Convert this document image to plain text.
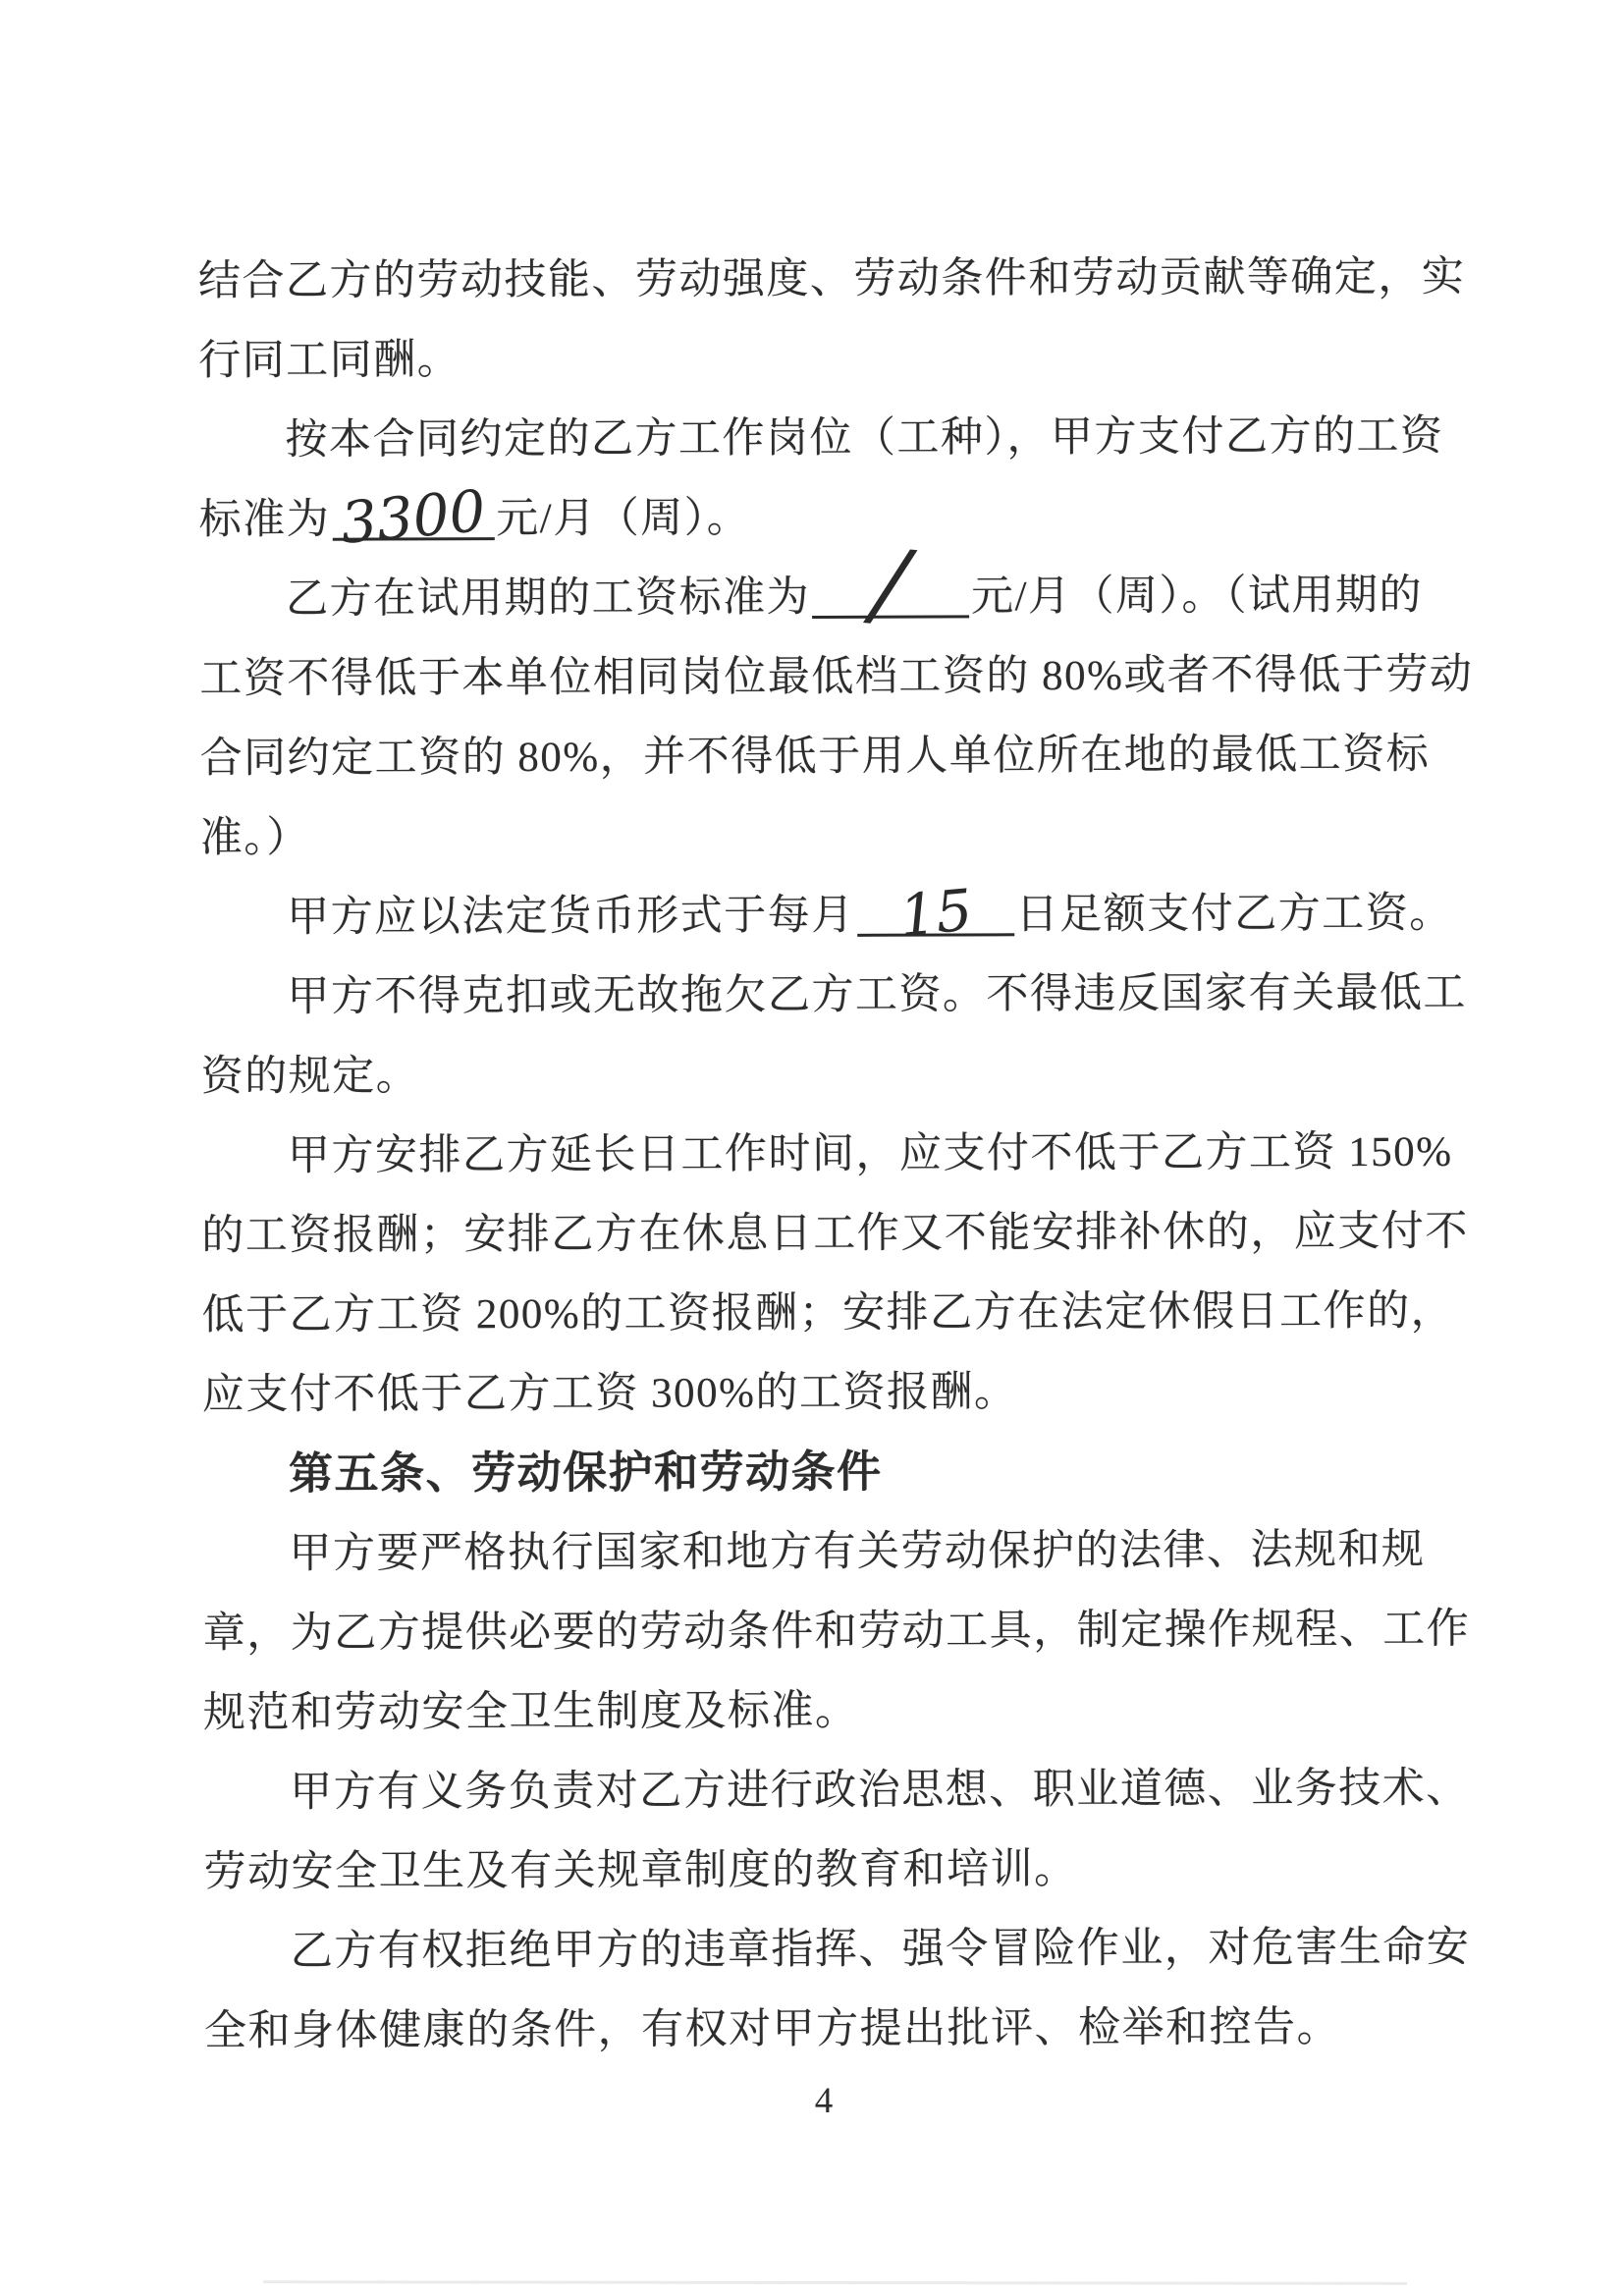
结合乙方的劳动技能、劳动强度、劳动条件和劳动贡献等确定，实
行同工同酬。
按本合同约定的乙方工作岗位（工种），甲方支付乙方的工资
标准为 3300 元/月（周）。
乙方在试用期的工资标准为 / 元/月（周）。（试用期的
工资不得低于本单位相同岗位最低档工资的 80%或者不得低于劳动
合同约定工资的 80%，并不得低于用人单位所在地的最低工资标
准。）
甲方应以法定货币形式于每月 15 日足额支付乙方工资。
甲方不得克扣或无故拖欠乙方工资。不得违反国家有关最低工
资的规定。
甲方安排乙方延长日工作时间，应支付不低于乙方工资 150%
的工资报酬；安排乙方在休息日工作又不能安排补休的，应支付不
低于乙方工资 200%的工资报酬；安排乙方在法定休假日工作的，
应支付不低于乙方工资 300%的工资报酬。
第五条、劳动保护和劳动条件
甲方要严格执行国家和地方有关劳动保护的法律、法规和规
章，为乙方提供必要的劳动条件和劳动工具，制定操作规程、工作
规范和劳动安全卫生制度及标准。
甲方有义务负责对乙方进行政治思想、职业道德、业务技术、
劳动安全卫生及有关规章制度的教育和培训。
乙方有权拒绝甲方的违章指挥、强令冒险作业，对危害生命安
全和身体健康的条件，有权对甲方提出批评、检举和控告。
4
